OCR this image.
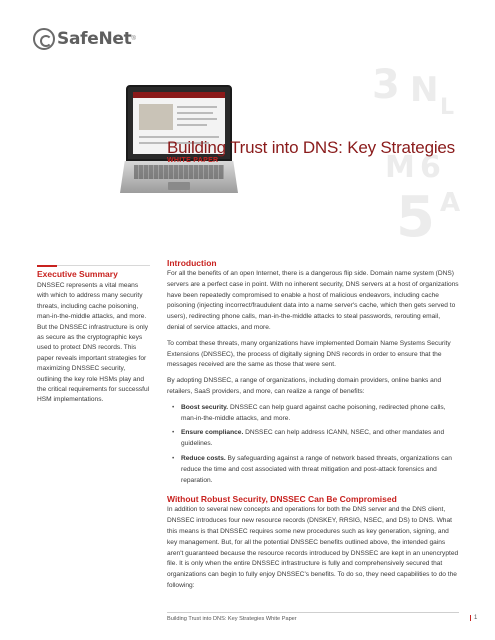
3 N L
M 6
A
5
SafeNet ®
Building Trust into DNS: Key Strategies
WHITE PAPER
Executive Summary

DNSSEC represents a vital means with which to address many security threats, including cache poisoning, man-in-the-middle attacks, and more. But the DNSSEC infrastructure is only as secure as the cryptographic keys used to protect DNS records. This paper reveals important strategies for maximizing DNSSEC security, outlining the key role HSMs play and the critical requirements for successful HSM implementations.

Introduction

For all the benefits of an open Internet, there is a dangerous flip side. Domain name system (DNS) servers are a perfect case in point. With no inherent security, DNS servers at a host of organizations have been repeatedly compromised to enable a host of malicious endeavors, including cache poisoning (injecting incorrect/fraudulent data into a name server's cache, which then gets served to users), redirecting phone calls, man-in-the-middle attacks to steal passwords, rerouting email, denial of service attacks, and more.

To combat these threats, many organizations have implemented Domain Name Systems Security Extensions (DNSSEC), the process of digitally signing DNS records in order to ensure that the messages received are the same as those that were sent.

By adopting DNSSEC, a range of organizations, including domain providers, online banks and retailers, SaaS providers, and more, can realize a range of benefits:

• Boost security. DNSSEC can help guard against cache poisoning, redirected phone calls, man-in-the-middle attacks, and more.
• Ensure compliance. DNSSEC can help address ICANN, NSEC, and other mandates and guidelines.
• Reduce costs. By safeguarding against a range of network based threats, organizations can reduce the time and cost associated with threat mitigation and post-attack forensics and reparation.
Without Robust Security, DNSSEC Can Be Compromised

In addition to several new concepts and operations for both the DNS server and the DNS client, DNSSEC introduces four new resource records (DNSKEY, RRSIG, NSEC, and DS) to DNS. What this means is that DNSSEC requires some new procedures such as key generation, signing, and key management. But, for all the potential DNSSEC benefits outlined above, the intended gains aren't guaranteed because the resource records introduced by DNSSEC are kept in an unencrypted file. It is only when the entire DNSSEC infrastructure is fully and comprehensively secured that organizations can begin to fully enjoy DNSSEC's benefits. To do so, they need capabilities to do the following:

Building Trust into DNS: Key Strategies White Paper	1
